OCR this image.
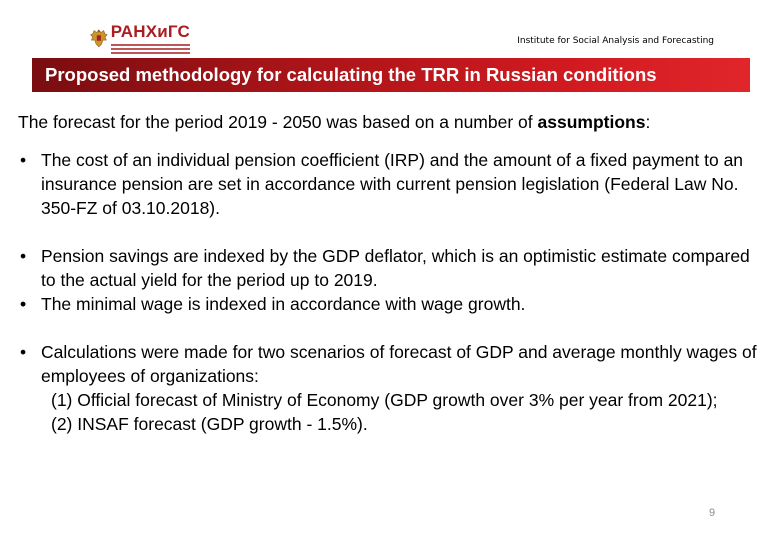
РАНХиГС
Institute for Social Analysis and Forecasting
Proposed methodology for calculating the TRR in Russian conditions

The forecast for the period 2019 - 2050 was based on a number of assumptions:

• The cost of an individual pension coefficient (IRP) and the amount of a fixed payment to an insurance pension are set in accordance with current pension legislation (Federal Law No. 350-FZ of 03.10.2018).
• Pension savings are indexed by the GDP deflator, which is an optimistic estimate compared to the actual yield for the period up to 2019.
• The minimal wage is indexed in accordance with wage growth.
• Calculations were made for two scenarios of forecast of GDP and average monthly wages of employees of organizations:
(1) Official forecast of Ministry of Economy (GDP growth over 3% per year from 2021);
(2) INSAF forecast (GDP growth - 1.5%).
9
